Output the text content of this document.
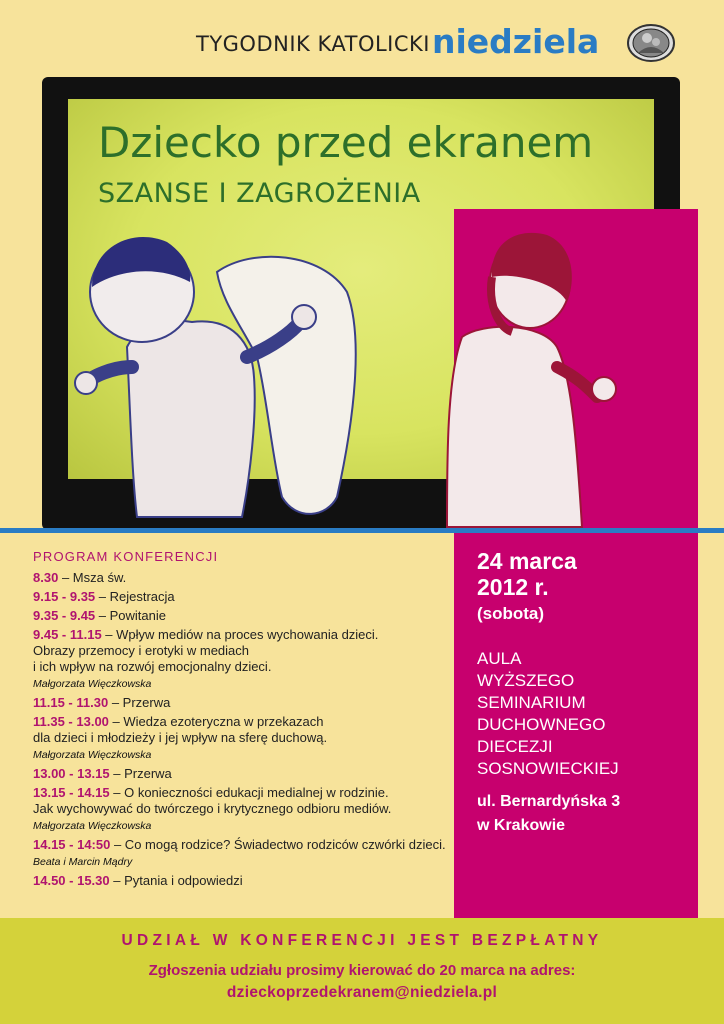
TYGODNIK KATOLICKI niedziela
Dziecko przed ekranem
SZANSE I ZAGROŻENIA
PROGRAM KONFERENCJI
8.30 – Msza św.
9.15 - 9.35 – Rejestracja
9.35 - 9.45 – Powitanie
9.45 - 11.15 – Wpływ mediów na proces wychowania dzieci.
Obrazy przemocy i erotyki w mediach
i ich wpływ na rozwój emocjonalny dzieci.
Małgorzata Więczkowska
11.15 - 11.30 – Przerwa
11.35 - 13.00 – Wiedza ezoteryczna w przekazach
dla dzieci i młodzieży i jej wpływ na sferę duchową.
Małgorzata Więczkowska
13.00 - 13.15 – Przerwa
13.15 - 14.15 – O konieczności edukacji medialnej w rodzinie.
Jak wychowywać do twórczego i krytycznego odbioru mediów.
Małgorzata Więczkowska
14.15 - 14:50 – Co mogą rodzice? Świadectwo rodziców czwórki dzieci.
Beata i Marcin Mądry
14.50 - 15.30 – Pytania i odpowiedzi
24 marca
2012 r.
(sobota)
AULA
WYŻSZEGO
SEMINARIUM
DUCHOWNEGO
DIECEZJI
SOSNOWIECKIEJ
ul. Bernardyńska 3
w Krakowie
UDZIAŁ W KONFERENCJI JEST BEZPŁATNY
Zgłoszenia udziału prosimy kierować do 20 marca na adres:
dzieckoprzedekranem@niedziela.pl
